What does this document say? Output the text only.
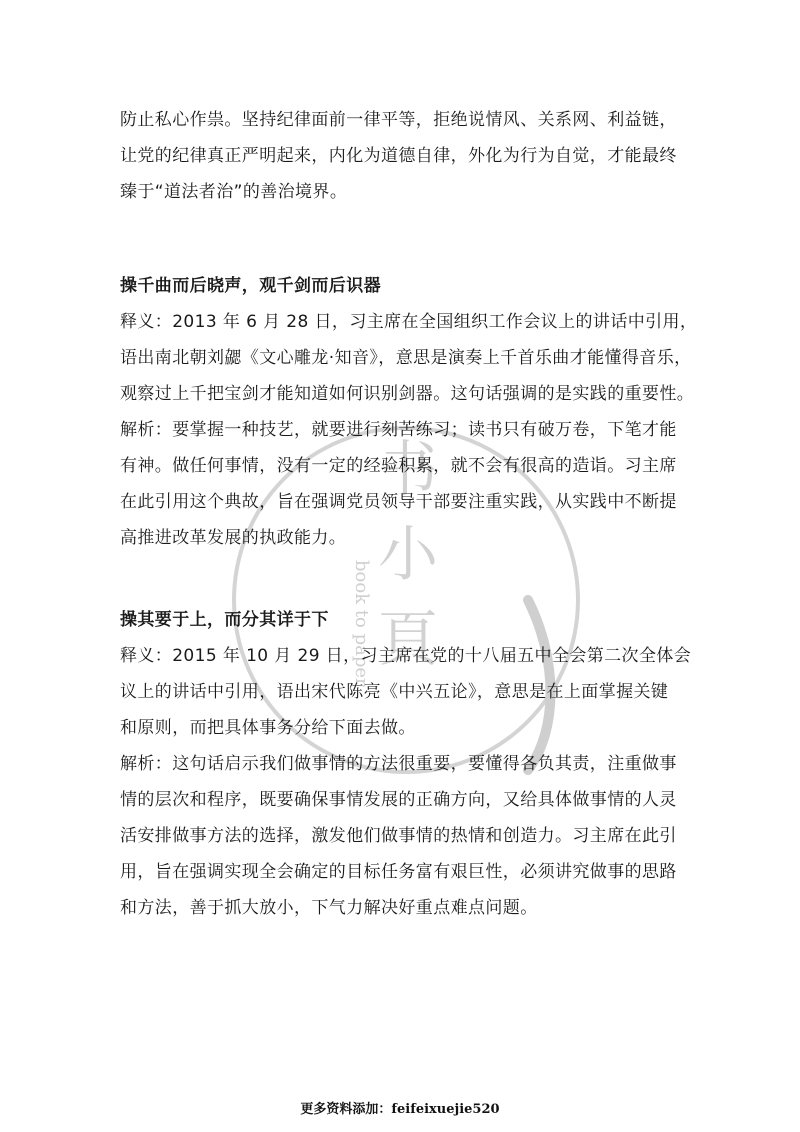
书
小
頁
book to paper
防止私心作祟。坚持纪律面前一律平等，拒绝说情风、关系网、利益链，
让党的纪律真正严明起来，内化为道德自律，外化为行为自觉，才能最终
臻于“道法者治”的善治境界。
操千曲而后晓声，观千剑而后识器
释义：2013 年 6 月 28 日，习主席在全国组织工作会议上的讲话中引用，
语出南北朝刘勰《文心雕龙·知音》，意思是演奏上千首乐曲才能懂得音乐，
观察过上千把宝剑才能知道如何识别剑器。这句话强调的是实践的重要性。
解析：要掌握一种技艺，就要进行刻苦练习；读书只有破万卷，下笔才能
有神。做任何事情，没有一定的经验积累，就不会有很高的造诣。习主席
在此引用这个典故，旨在强调党员领导干部要注重实践，从实践中不断提
高推进改革发展的执政能力。
操其要于上，而分其详于下
释义：2015 年 10 月 29 日，习主席在党的十八届五中全会第二次全体会
议上的讲话中引用，语出宋代陈亮《中兴五论》，意思是在上面掌握关键
和原则，而把具体事务分给下面去做。
解析：这句话启示我们做事情的方法很重要，要懂得各负其责，注重做事
情的层次和程序，既要确保事情发展的正确方向，又给具体做事情的人灵
活安排做事方法的选择，激发他们做事情的热情和创造力。习主席在此引
用，旨在强调实现全会确定的目标任务富有艰巨性，必须讲究做事的思路
和方法，善于抓大放小，下气力解决好重点难点问题。
更多资料添加：feifeixuejie520
